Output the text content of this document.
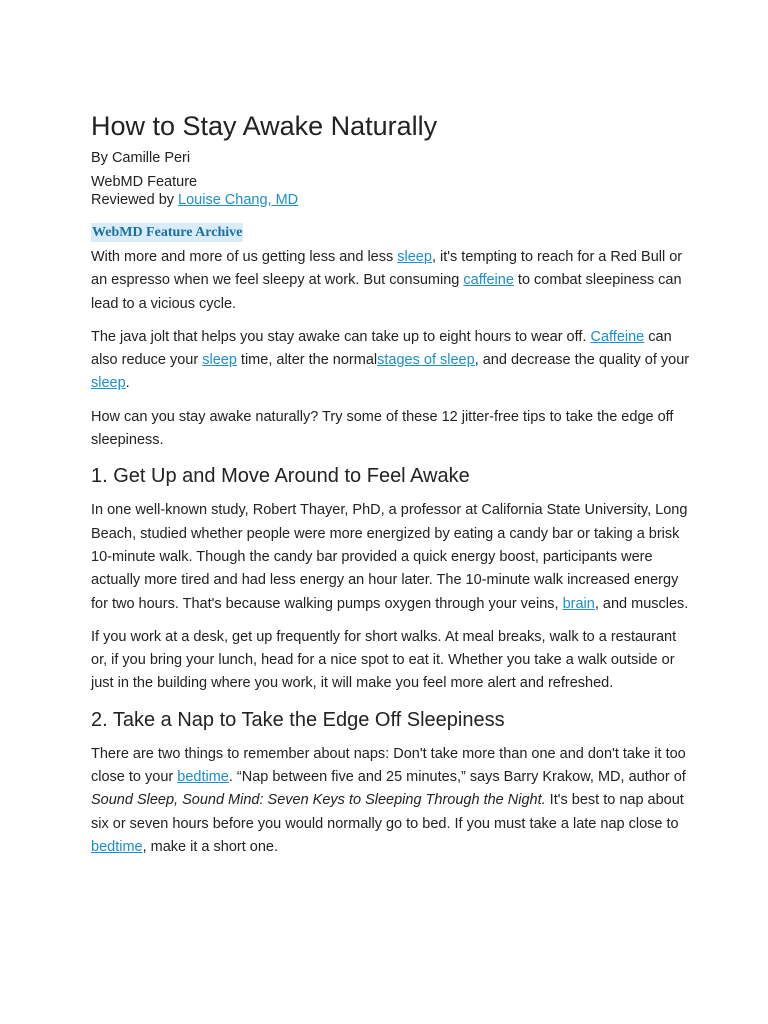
How to Stay Awake Naturally
By Camille Peri
WebMD Feature
Reviewed by Louise Chang, MD
WebMD Feature Archive

With more and more of us getting less and less sleep, it's tempting to reach for a Red Bull or an espresso when we feel sleepy at work. But consuming caffeine to combat sleepiness can lead to a vicious cycle.

The java jolt that helps you stay awake can take up to eight hours to wear off. Caffeine can also reduce your sleep time, alter the normalstages of sleep, and decrease the quality of your sleep.

How can you stay awake naturally? Try some of these 12 jitter-free tips to take the edge off sleepiness.

1. Get Up and Move Around to Feel Awake

In one well-known study, Robert Thayer, PhD, a professor at California State University, Long Beach, studied whether people were more energized by eating a candy bar or taking a brisk 10-minute walk. Though the candy bar provided a quick energy boost, participants were actually more tired and had less energy an hour later. The 10-minute walk increased energy for two hours. That's because walking pumps oxygen through your veins, brain, and muscles.

If you work at a desk, get up frequently for short walks. At meal breaks, walk to a restaurant or, if you bring your lunch, head for a nice spot to eat it. Whether you take a walk outside or just in the building where you work, it will make you feel more alert and refreshed.

2. Take a Nap to Take the Edge Off Sleepiness

There are two things to remember about naps: Don't take more than one and don't take it too close to your bedtime. “Nap between five and 25 minutes,” says Barry Krakow, MD, author of Sound Sleep, Sound Mind: Seven Keys to Sleeping Through the Night. It's best to nap about six or seven hours before you would normally go to bed. If you must take a late nap close to bedtime, make it a short one.
